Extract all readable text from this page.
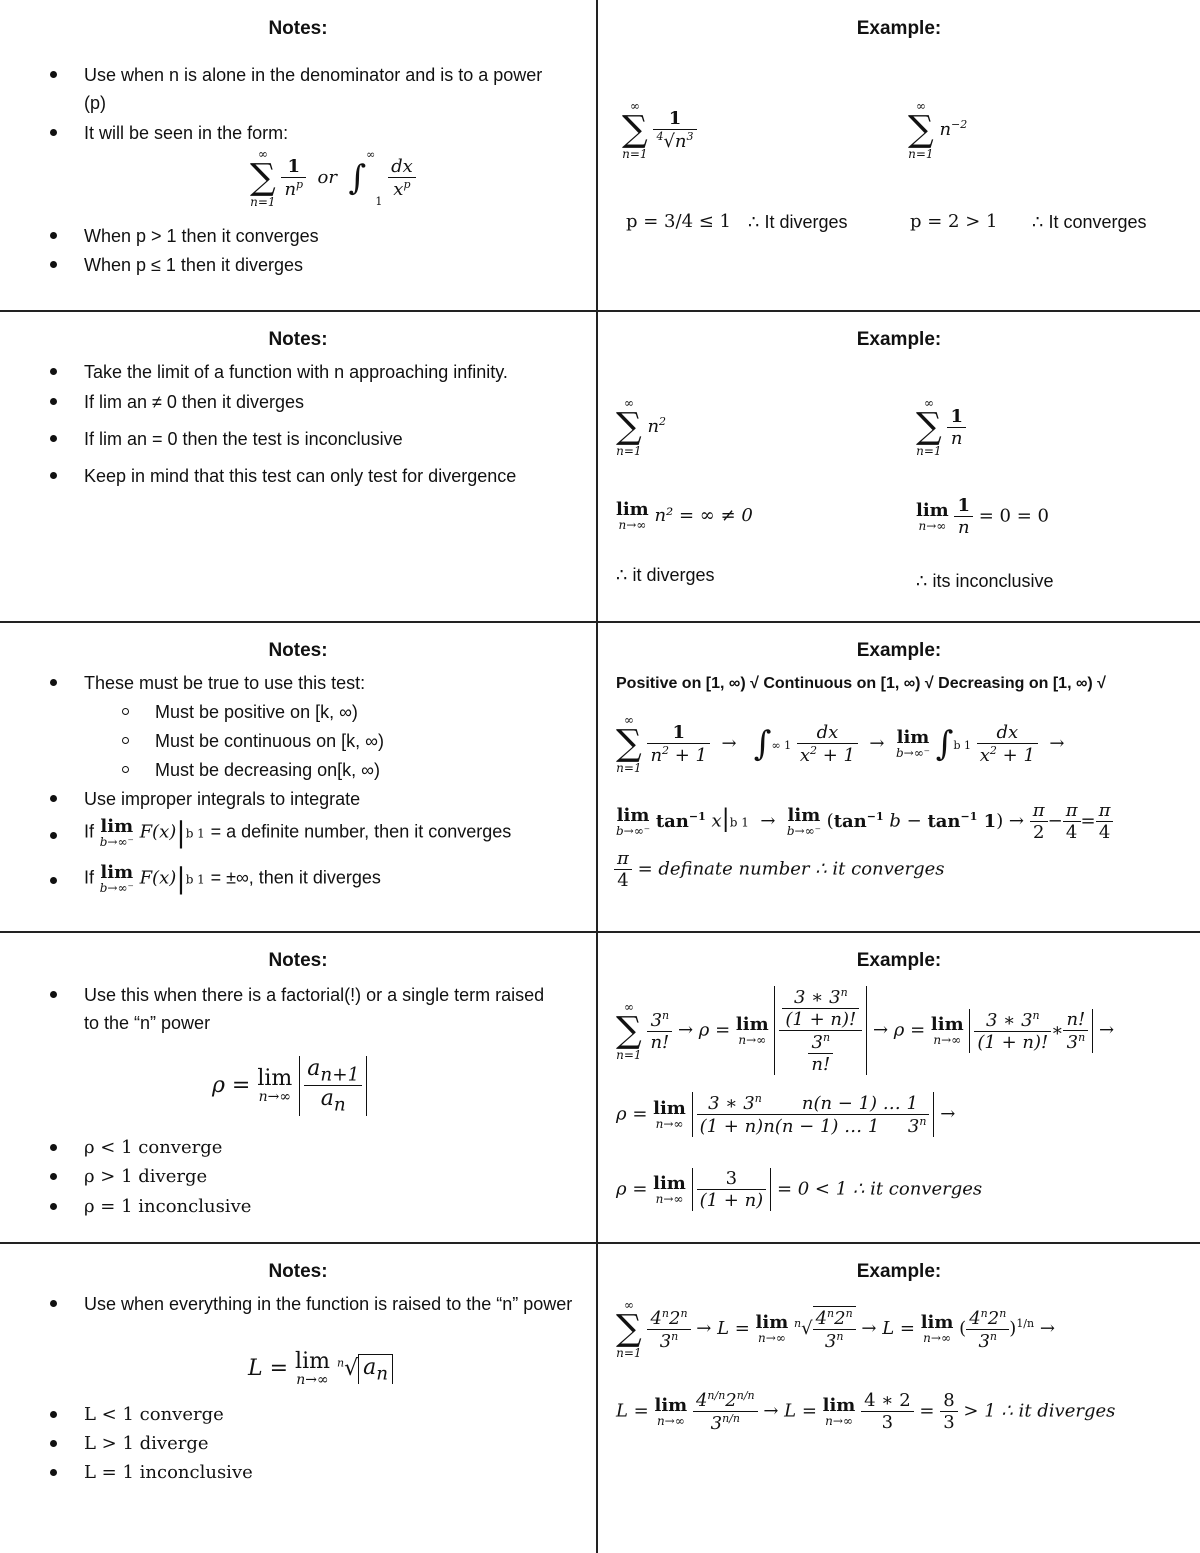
Notes:
Use when n is alone in the denominator and is to a power (p)
It will be seen in the form:
∞
∑
n=1

$\frac{1}{n^p}$ or ∫∞1
$\frac{dx}{x^p}$
When p > 1 then it converges
When p ≤ 1 then it diverges
Example:
∞
∑
n=1

$\frac{1}{^4√n^3}$
∞
∑
n=1
$n^{-2}$
p = 3/4 ≤ 1 ∴ It diverges	p = 2 > 1 ∴ It converges
Notes:
Take the limit of a function with n approaching infinity.
If lim an ≠ 0 then it diverges
If lim an = 0 then the test is inconclusive
Keep in mind that this test can only test for divergence
Example:
∞
∑
n=1
$n^2$
∞
∑
n=1

$\frac{1}{n}$
lim
n→∞ n² = ∞ ≠ 0	lim
n→∞
$\frac{1}{n} = 0 = 0$
∴ it diverges	∴ its inconclusive
Notes:
These must be true to use this test:
Must be positive on [k, ∞)
Must be continuous on [k, ∞)
Must be decreasing on[k, ∞)
Use improper integrals to integrate
If lim
b→∞⁻ F(x)|b 1 = a definite number, then it converges
If lim
b→∞⁻ F(x)|b 1 = ±∞, then it diverges
Example:
Positive on [1, ∞) √ Continuous on [1, ∞) √ Decreasing on [1, ∞) √
∞
∑
n=1

$\frac{1}{n^2 + 1}$ →   ∫∞ $1 \frac{dx}{x^2 + 1} \to \lim$
b→∞⁻ ∫b $1 \frac{dx}{x^2 + 1}$ →
lim
b→∞⁻ $\tan^{-1} x|b$ 1  → lim
b→∞⁻ ($\tan^{-1}$ $b - \tan^{-1} 1) \to \frac{\pi}{2} - \frac{\pi}{4} = \frac{\pi}{4}$
$\frac{\pi}{4}$ = definate number ∴ it converges
Notes:
Use this when there is a factorial(!) or a single term raised to the “n” power
ρ = lim
n→∞
$\frac{a_{n+1}}{a_n}$
ρ < 1 converge
ρ > 1 diverge
ρ = 1 inconclusive
Example:
∞
∑
n=1

$\frac{3^n}{n!} \to \rho = \lim$
n→∞
$\frac{\frac{3 ∗ 3^n}{(1 + n)!}}{\frac{3^n}{n!}} \to \rho = \lim$
n→∞
$\frac{3 ∗ 3^n}{(1 + n)!}$ ∗ $\frac{n!}{3^n}$ →
ρ = lim
n→∞
$\frac{3 ∗ 3^n n(n - 1) \dots 1}{(1 + n)n(n - 1) \dots 1 3^n}$ →
ρ = lim
n→∞
$\frac{3}{(1 + n)} = 0 < 1$ ∴ it converges
Notes:
Use when everything in the function is raised to the “n” power
L = lim
n→∞
$^n$√ $a_n$
L < 1 converge
L > 1 diverge
L = 1 inconclusive
Example:
∞
∑
n=1

$\frac{4^n2^n}{3^n} \to L = \lim$
n→∞
$^n√ \frac{4^n2^n}{3^n} \to L = \lim$
n→∞ ( $\frac{4^n2^n}{3^n} )^{1/n}$ →
L = lim
n→∞
$\frac{4^{n/n}2^{n/n}}{3^{n/n}} \to L = \lim$
n→∞
$\frac{4 ∗ 2}{3} = \frac{8}{3} > 1$ ∴ it diverges
